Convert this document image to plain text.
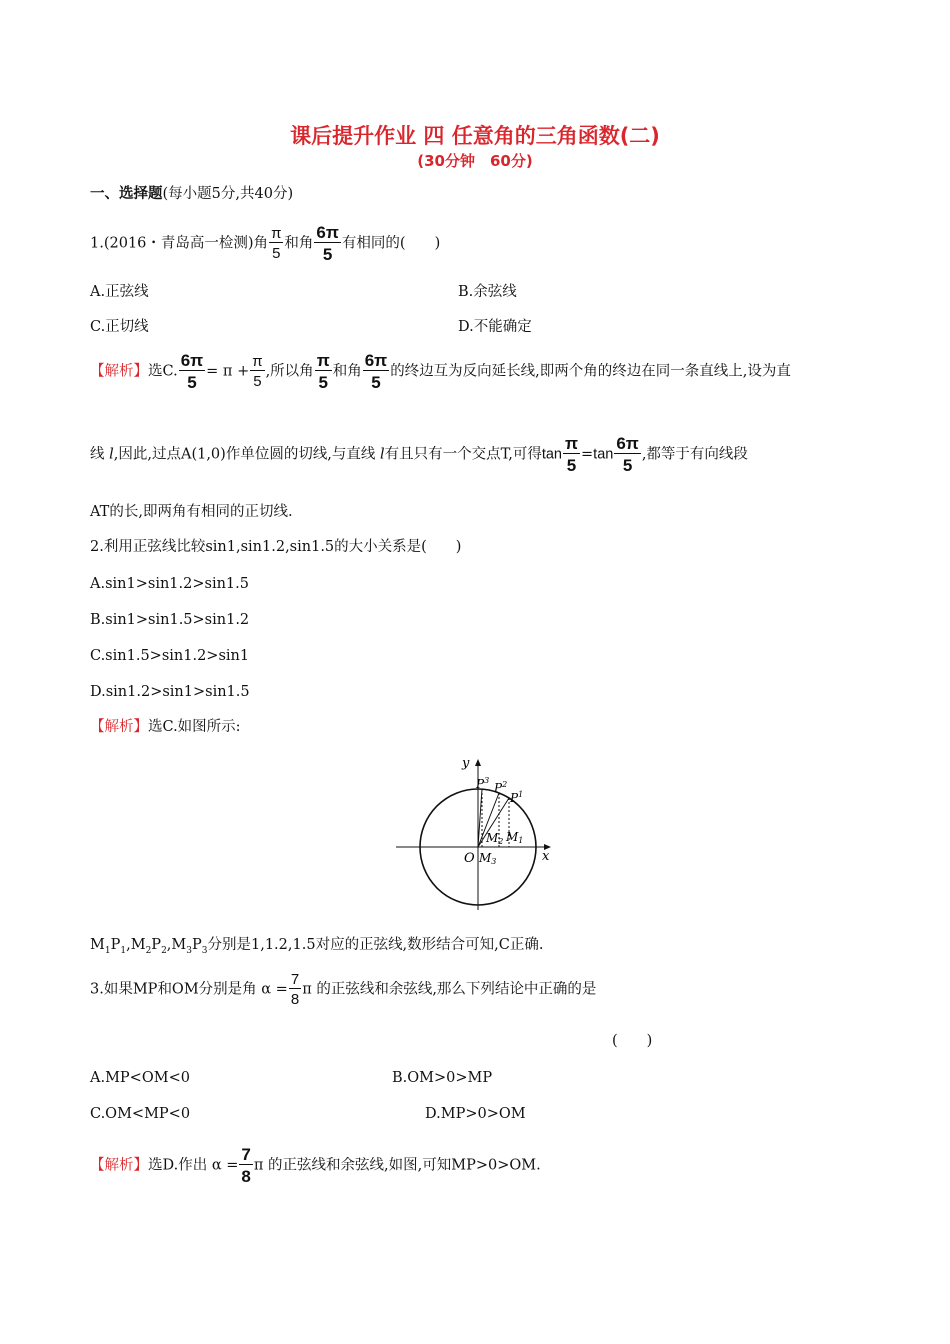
课后提升作业 四 任意角的三角函数(二)
(30分钟　60分)
一、选择题(每小题5分,共40分)
1.(2016・青岛高一检测)角 $\frac{\pi}{5}$ 和角 $\frac{6\pi}{5}$ 有相同的(　　)
A.正弦线	B.余弦线
C.正切线	D.不能确定
【解析】选C. $\frac{6\pi}{5} = \pi + \frac{\pi}{5}$ ,所以角 $\frac{\pi}{5}$ 和角 $\frac{6\pi}{5}$ 的终边互为反向延长线,即两个角的终边在同一条直线上,设为直
线 l,因此,过点A(1,0)作单位圆的切线,与直线 l有且只有一个交点T,可得$\tan \frac{\pi}{5} =\tan \frac{6\pi}{5}$ ,都等于有向线段
AT的长,即两角有相同的正切线.
2.利用正弦线比较sin1,sin1.2,sin1.5的大小关系是(　　)
A.sin1>sin1.2>sin1.5
B.sin1>sin1.5>sin1.2
C.sin1.5>sin1.2>sin1
D.sin1.2>sin1>sin1.5
【解析】选C.如图所示:
y
x
O
$P^3$
$P^2$
$P^1$
M2 M1
M3
$M_1P_1,M_2P_2,M_3P_3$分别是1,1.2,1.5对应的正弦线,数形结合可知,C正确.
3.如果MP和OM分别是角 $\alpha = \frac{7}{8}$ π 的正弦线和余弦线,那么下列结论中正确的是
(　　)
A.MP<OM<0	B.OM>0>MP
C.OM<MP<0	D.MP>0>OM
【解析】选D.作出 $\alpha = \frac{7}{8}$ π 的正弦线和余弦线,如图,可知MP>0>OM.
